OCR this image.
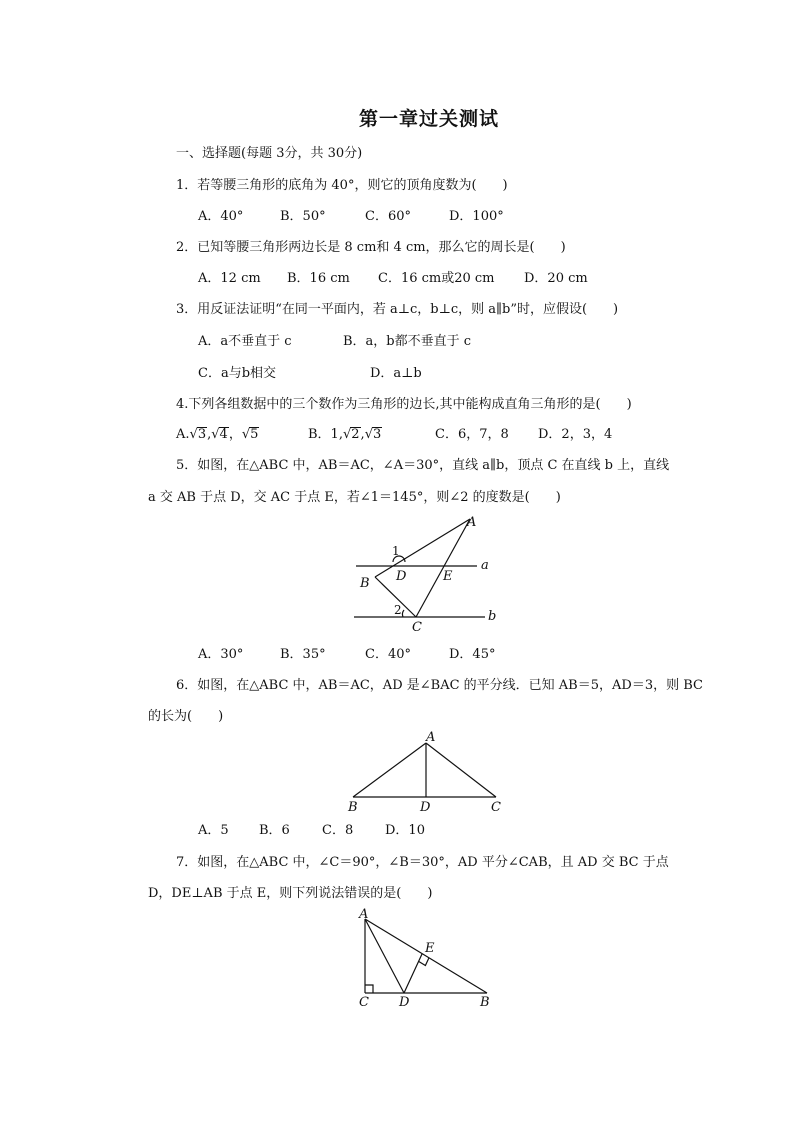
第一章过关测试
一、选择题(每题 3分，共 30分)
1．若等腰三角形的底角为 40°，则它的顶角度数为(　　)
A．40°	B．50°	C．60°	D．100°
2．已知等腰三角形两边长是 8 cm和 4 cm，那么它的周长是(　　)
A．12 cm B．16 cm C．16 cm或20 cm D．20 cm
3．用反证法证明“在同一平面内，若 a⊥c，b⊥c，则 a∥b”时，应假设(　　)
A．a不垂直于 c	B．a，b都不垂直于 c
C．a与b相交	D．a⊥b
4.下列各组数据中的三个数作为三角形的边长,其中能构成直角三角形的是(　　)
A.√3,√4，√5	B．1,√2,√3	C．6，7，8 D．2，3，4
5．如图，在△ABC 中，AB＝AC，∠A＝30°，直线 a∥b，顶点 C 在直线 b 上，直线
a 交 AB 于点 D，交 AC 于点 E，若∠1＝145°，则∠2 的度数是(　　)
A
1
D	E
a
B
2	b
C
A．30°	B．35°	C．40°	D．45°
6．如图，在△ABC 中，AB＝AC，AD 是∠BAC 的平分线．已知 AB＝5，AD＝3，则 BC
的长为(　　)
A
B	D	C
A．5 B．6 C．8 D．10
7．如图，在△ABC 中，∠C＝90°，∠B＝30°，AD 平分∠CAB，且 AD 交 BC 于点
D，DE⊥AB 于点 E，则下列说法错误的是(　　)
A
E
C D	B
